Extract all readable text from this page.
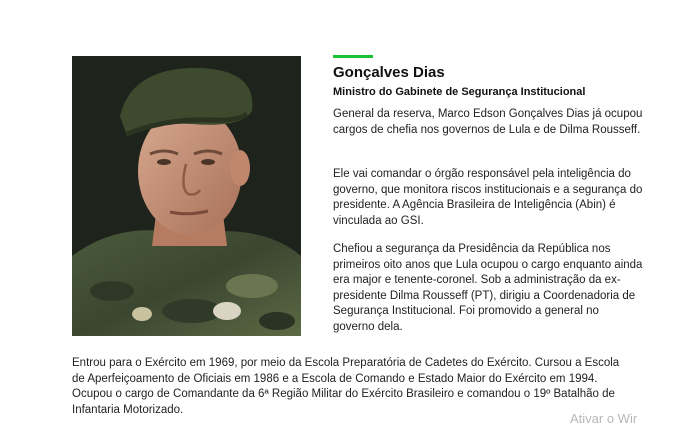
Gonçalves Dias
Ministro do Gabinete de Segurança Institucional

General da reserva, Marco Edson Gonçalves Dias já ocupou cargos de chefia nos governos de Lula e de Dilma Rousseff.

Ele vai comandar o órgão responsável pela inteligência do governo, que monitora riscos institucionais e a segurança do presidente. A Agência Brasileira de Inteligência (Abin) é vinculada ao GSI.

Chefiou a segurança da Presidência da República nos primeiros oito anos que Lula ocupou o cargo enquanto ainda era major e tenente-coronel. Sob a administração da ex-presidente Dilma Rousseff (PT), dirigiu a Coordenadoria de Segurança Institucional. Foi promovido a general no governo dela.

Entrou para o Exército em 1969, por meio da Escola Preparatória de Cadetes do Exército. Cursou a Escola de Aperfeiçoamento de Oficiais em 1986 e a Escola de Comando e Estado Maior do Exército em 1994. Ocupou o cargo de Comandante da 6ª Região Militar do Exército Brasileiro e comandou o 19º Batalhão de Infantaria Motorizado.

Ativar o Wir
